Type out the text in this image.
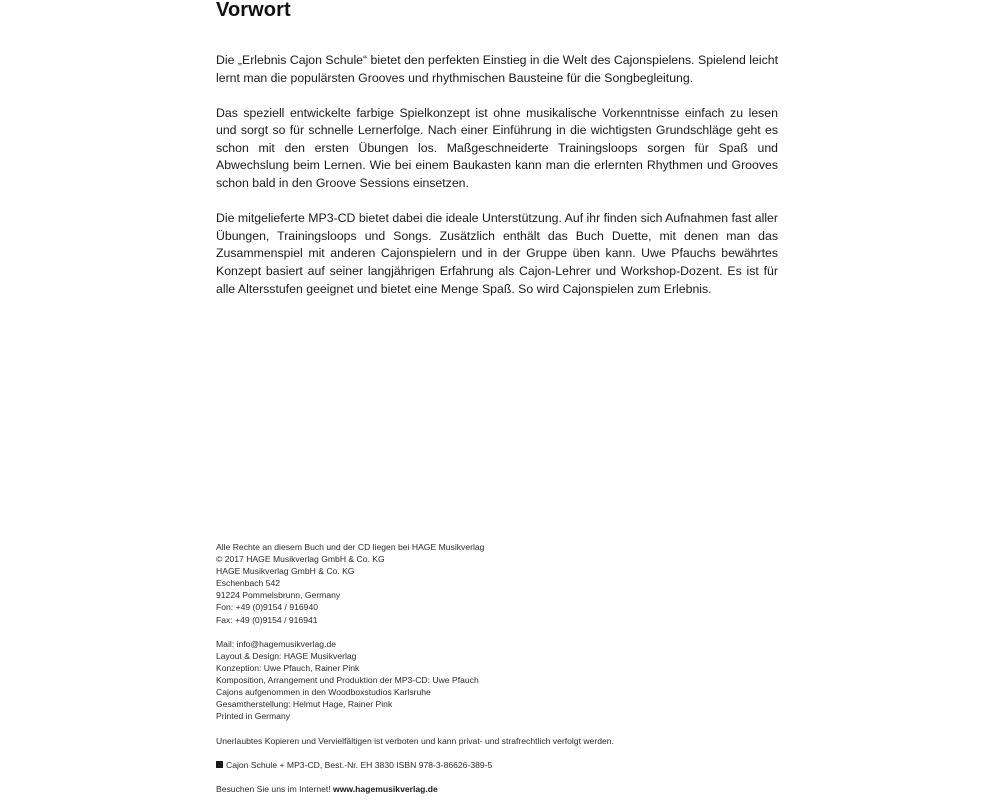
Vorwort

Die „Erlebnis Cajon Schule“ bietet den perfekten Einstieg in die Welt des Cajonspielens. Spielend leicht lernt man die populärsten Grooves und rhythmischen Bausteine für die Songbegleitung.

Das speziell entwickelte farbige Spielkonzept ist ohne musikalische Vorkenntnisse einfach zu lesen und sorgt so für schnelle Lernerfolge. Nach einer Einführung in die wichtigsten Grundschläge geht es schon mit den ersten Übungen los. Maßgeschneiderte Trainingsloops sorgen für Spaß und Abwechslung beim Lernen. Wie bei einem Baukasten kann man die erlernten Rhythmen und Grooves schon bald in den Groove Sessions einsetzen.

Die mitgelieferte MP3-CD bietet dabei die ideale Unterstützung. Auf ihr finden sich Aufnahmen fast aller Übungen, Trainingsloops und Songs. Zusätzlich enthält das Buch Duette, mit denen man das Zusammenspiel mit anderen Cajonspielern und in der Gruppe üben kann. Uwe Pfauchs bewährtes Konzept basiert auf seiner langjährigen Erfahrung als Cajon-Lehrer und Workshop-Dozent. Es ist für alle Altersstufen geeignet und bietet eine Menge Spaß. So wird Cajonspielen zum Erlebnis.

Alle Rechte an diesem Buch und der CD liegen bei HAGE Musikverlag
© 2017 HAGE Musikverlag GmbH & Co. KG
HAGE Musikverlag GmbH & Co. KG
Eschenbach 542
91224 Pommelsbrunn, Germany
Fon: +49 (0)9154 / 916940
Fax: +49 (0)9154 / 916941
Mail: info@hagemusikverlag.de
Layout & Design: HAGE Musikverlag
Konzeption: Uwe Pfauch, Rainer Pink
Komposition, Arrangement und Produktion der MP3-CD: Uwe Pfauch
Cajons aufgenommen in den Woodboxstudios Karlsruhe
Gesamtherstellung: Helmut Hage, Rainer Pink
Printed in Germany
Unerlaubtes Kopieren und Vervielfältigen ist verboten und kann privat- und strafrechtlich verfolgt werden.
Cajon Schule + MP3-CD, Best.-Nr. EH 3830 ISBN 978-3-86626-389-5
Besuchen Sie uns im Internet! www.hagemusikverlag.de
